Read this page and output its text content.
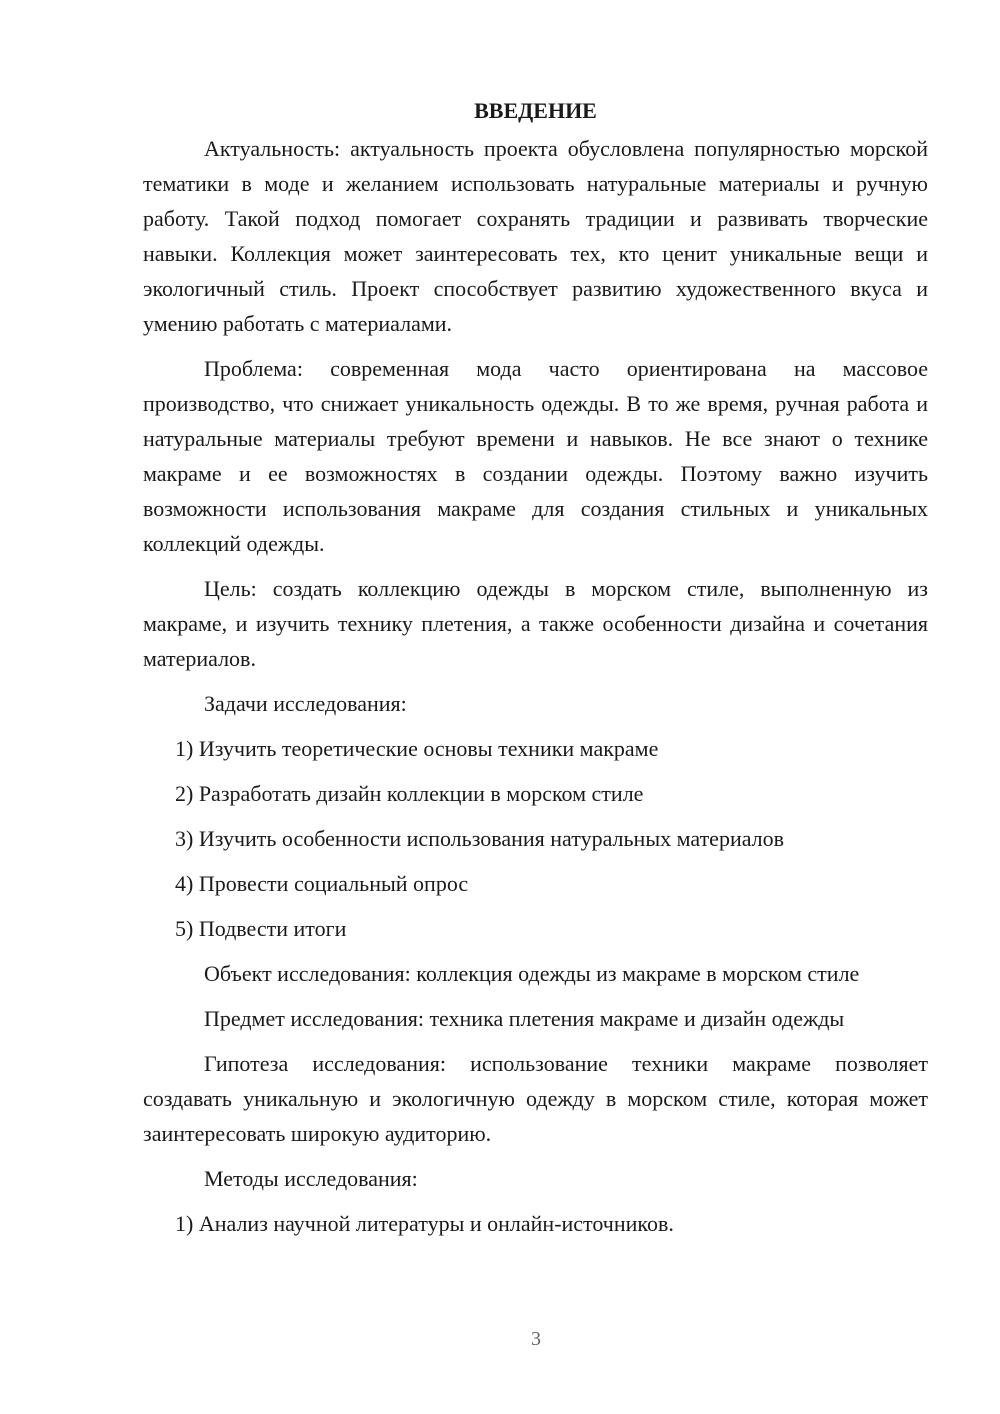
ВВЕДЕНИЕ

Актуальность: актуальность проекта обусловлена популярностью морской тематики в моде и желанием использовать натуральные материалы и ручную работу. Такой подход помогает сохранять традиции и развивать творческие навыки. Коллекция может заинтересовать тех, кто ценит уникальные вещи и экологичный стиль. Проект способствует развитию художественного вкуса и умению работать с материалами.

Проблема: современная мода часто ориентирована на массовое производство, что снижает уникальность одежды. В то же время, ручная работа и натуральные материалы требуют времени и навыков. Не все знают о технике макраме и ее возможностях в создании одежды. Поэтому важно изучить возможности использования макраме для создания стильных и уникальных коллекций одежды.

Цель: создать коллекцию одежды в морском стиле, выполненную из макраме, и изучить технику плетения, а также особенности дизайна и сочетания материалов.

Задачи исследования:

1) Изучить теоретические основы техники макраме
2) Разработать дизайн коллекции в морском стиле
3) Изучить особенности использования натуральных материалов
4) Провести социальный опрос
5) Подвести итоги

Объект исследования: коллекция одежды из макраме в морском стиле

Предмет исследования: техника плетения макраме и дизайн одежды

Гипотеза исследования: использование техники макраме позволяет создавать уникальную и экологичную одежду в морском стиле, которая может заинтересовать широкую аудиторию.

Методы исследования:

1) Анализ научной литературы и онлайн-источников.
3
